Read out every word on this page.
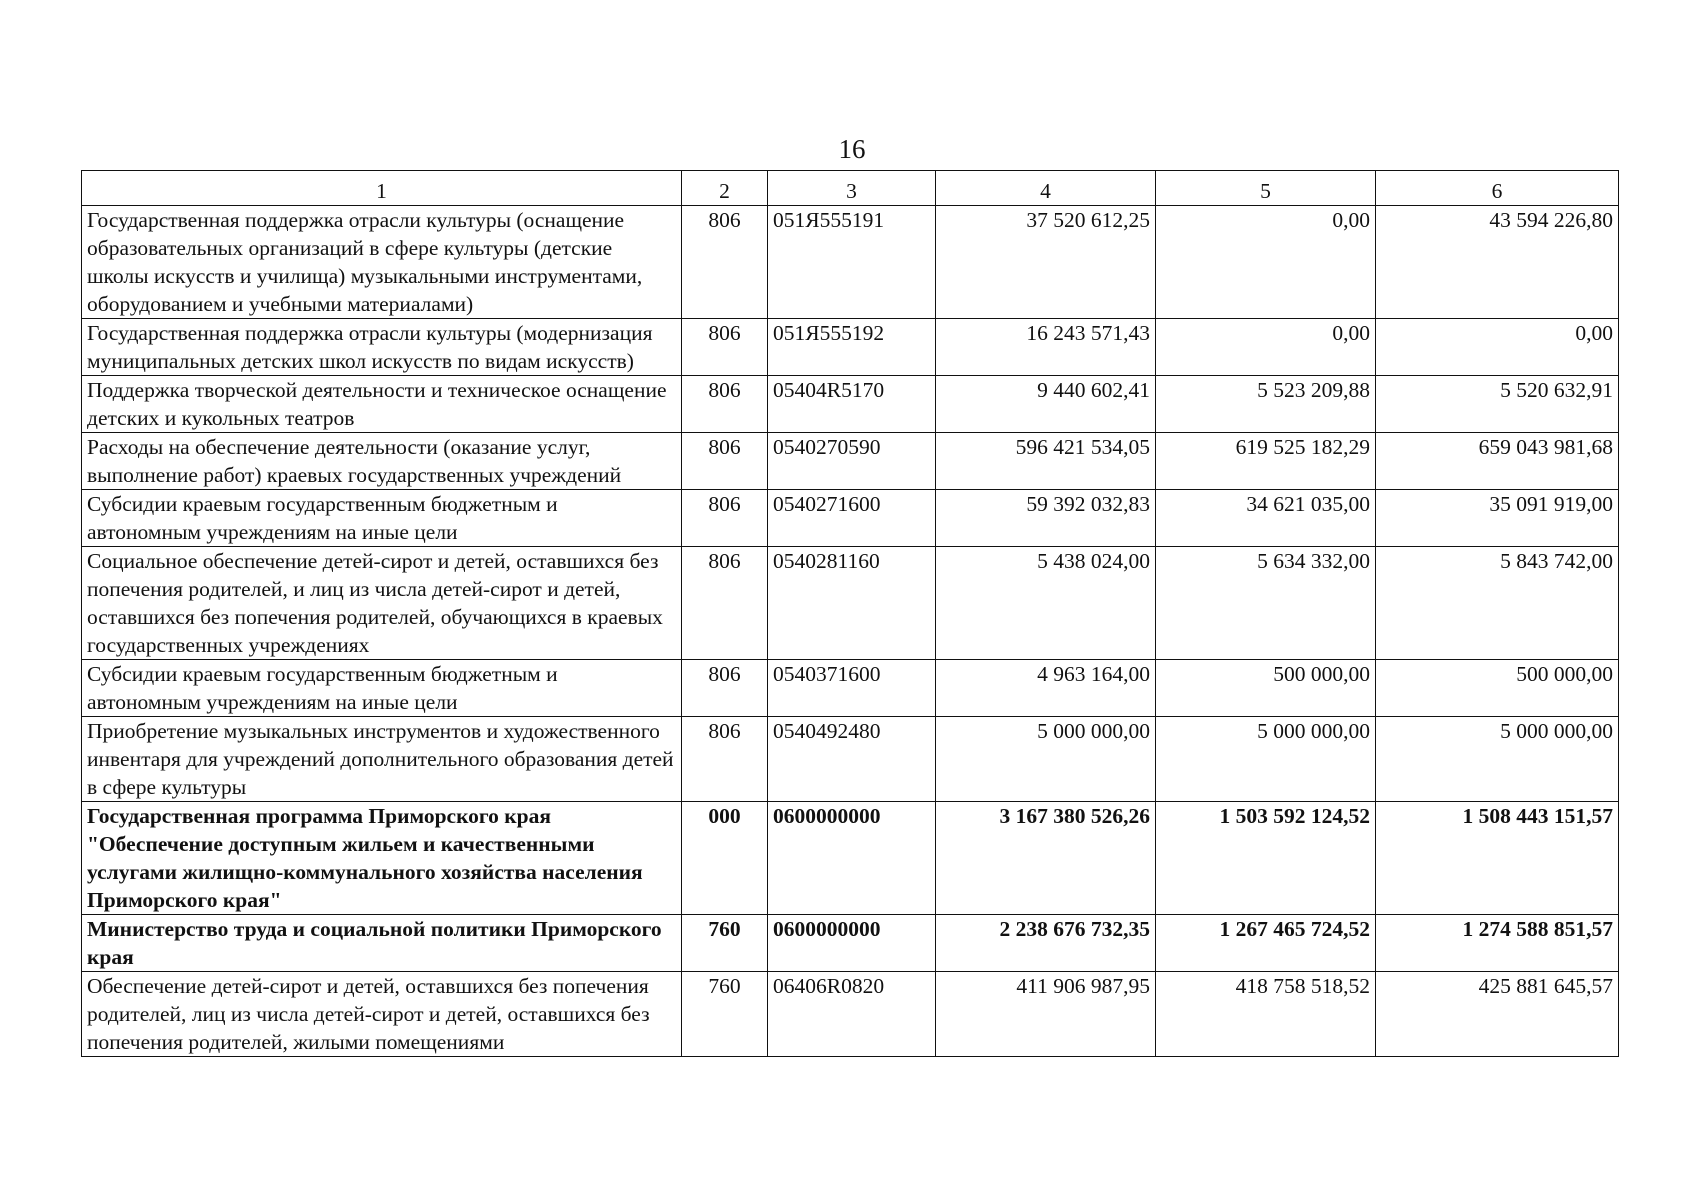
16
1	2	3	4	5	6
Государственная поддержка отрасли культуры (оснащение образовательных организаций в сфере культуры (детские школы искусств и училища) музыкальными инструментами, оборудованием и учебными материалами)	806	051Я555191	37 520 612,25	0,00	43 594 226,80
Государственная поддержка отрасли культуры (модернизация муниципальных детских школ искусств по видам искусств)	806	051Я555192	16 243 571,43	0,00	0,00
Поддержка творческой деятельности и техническое оснащение детских и кукольных театров	806	05404R5170	9 440 602,41	5 523 209,88	5 520 632,91
Расходы на обеспечение деятельности (оказание услуг, выполнение работ) краевых государственных учреждений	806	0540270590	596 421 534,05	619 525 182,29	659 043 981,68
Субсидии краевым государственным бюджетным и автономным учреждениям на иные цели	806	0540271600	59 392 032,83	34 621 035,00	35 091 919,00
Социальное обеспечение детей-сирот и детей, оставшихся без попечения родителей, и лиц из числа детей-сирот и детей, оставшихся без попечения родителей, обучающихся в краевых государственных учреждениях	806	0540281160	5 438 024,00	5 634 332,00	5 843 742,00
Субсидии краевым государственным бюджетным и автономным учреждениям на иные цели	806	0540371600	4 963 164,00	500 000,00	500 000,00
Приобретение музыкальных инструментов и художественного инвентаря для учреждений дополнительного образования детей в сфере культуры	806	0540492480	5 000 000,00	5 000 000,00	5 000 000,00
Государственная программа Приморского края "Обеспечение доступным жильем и качественными услугами жилищно-коммунального хозяйства населения Приморского края"	000	0600000000	3 167 380 526,26	1 503 592 124,52	1 508 443 151,57
Министерство труда и социальной политики Приморского края	760	0600000000	2 238 676 732,35	1 267 465 724,52	1 274 588 851,57
Обеспечение детей-сирот и детей, оставшихся без попечения родителей, лиц из числа детей-сирот и детей, оставшихся без попечения родителей, жилыми помещениями	760	06406R0820	411 906 987,95	418 758 518,52	425 881 645,57
